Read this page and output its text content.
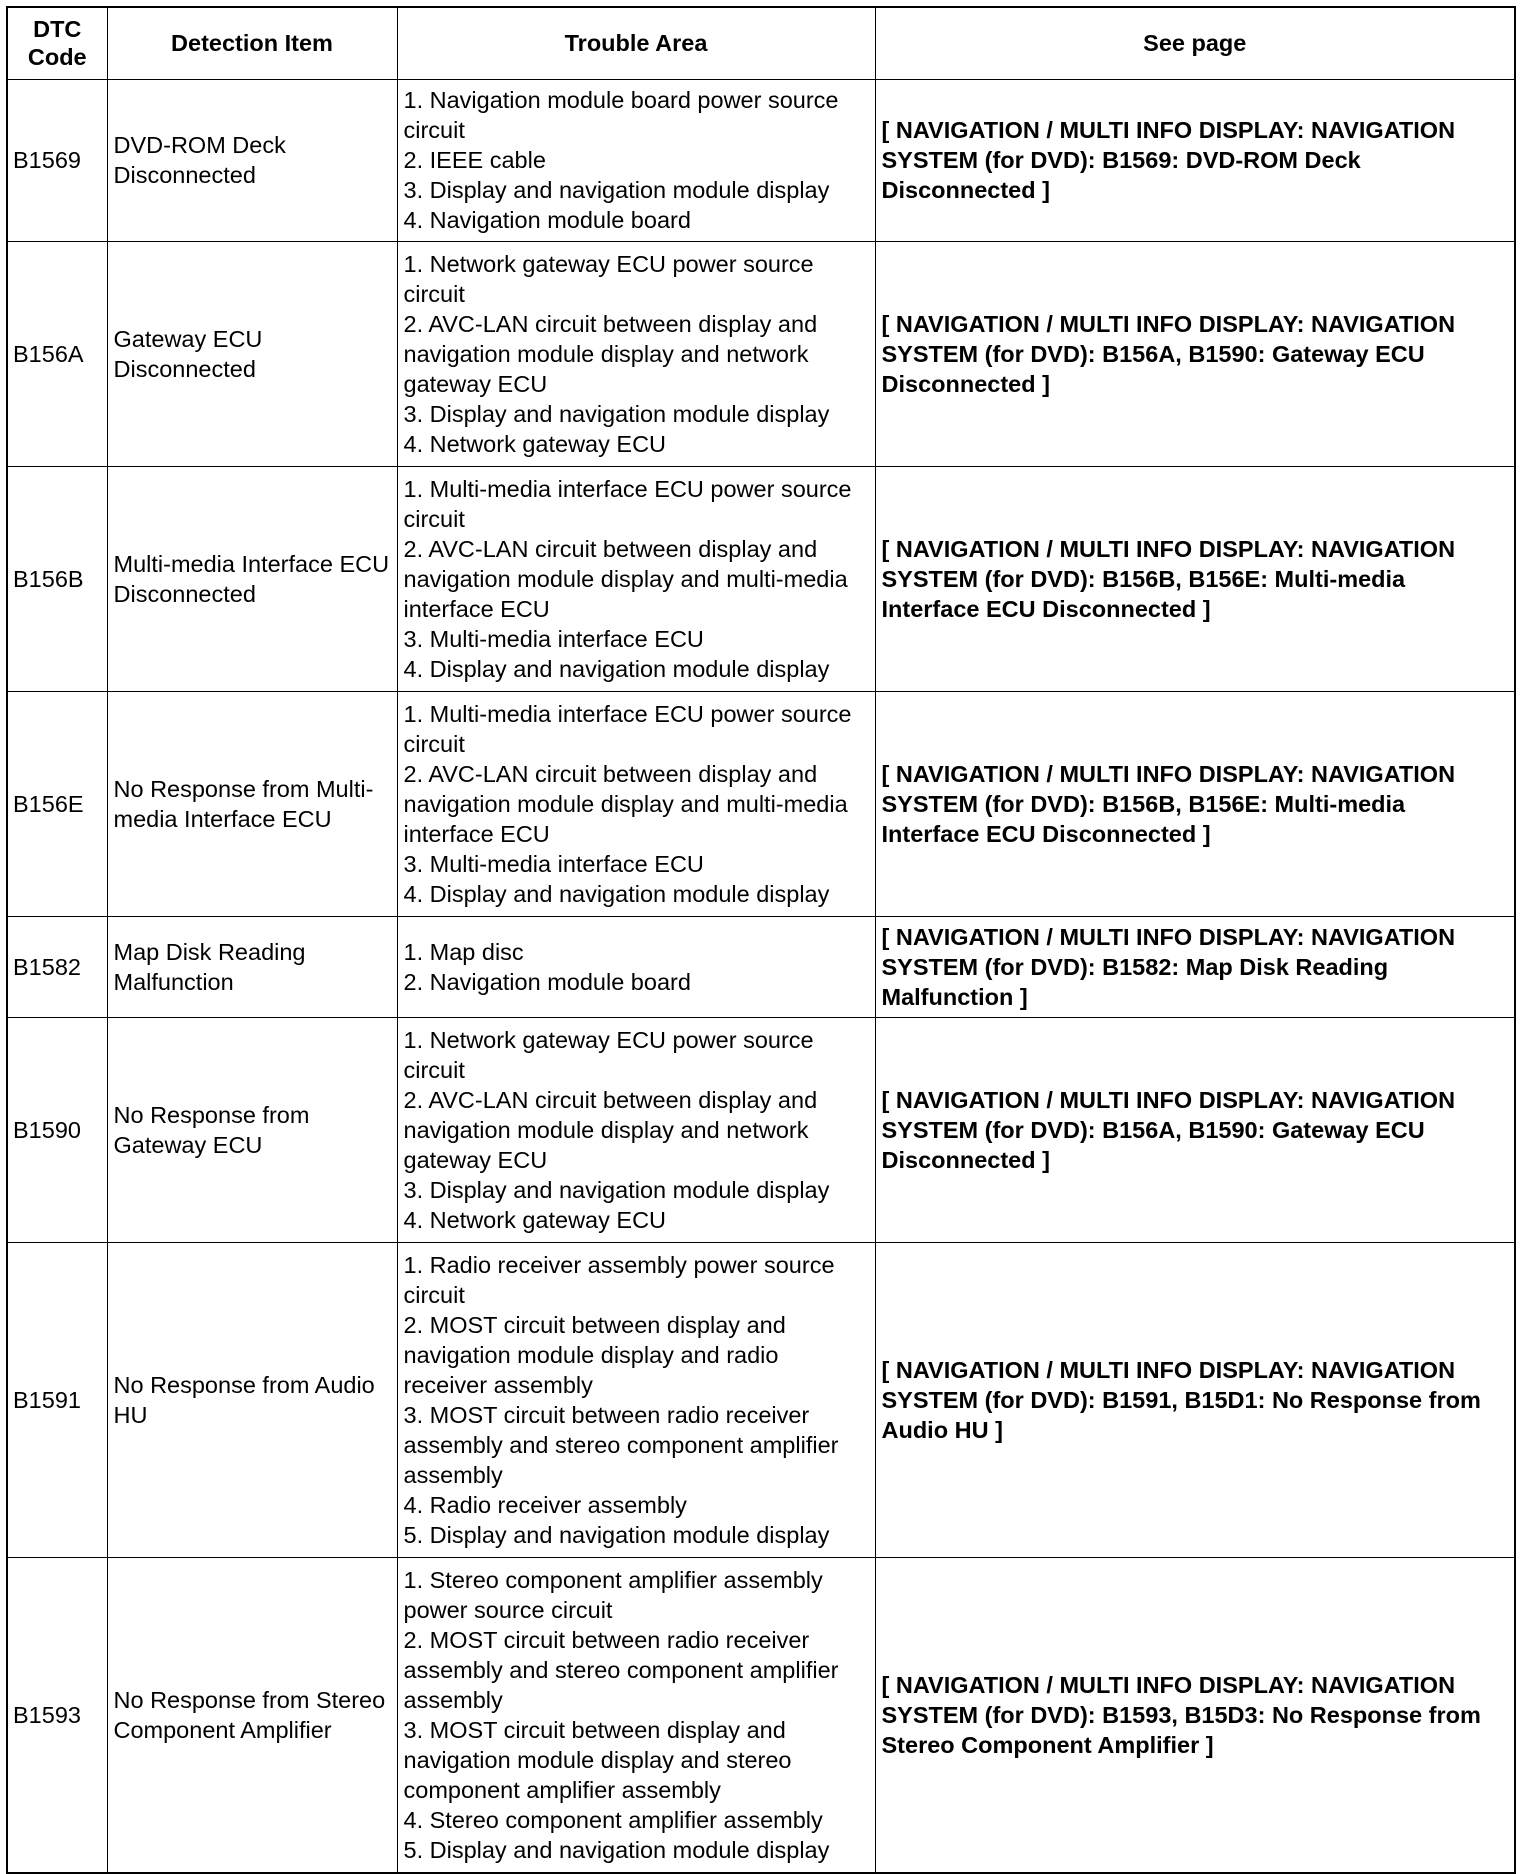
DTC Code	Detection Item	Trouble Area	See page
B1569	DVD-ROM Deck Disconnected	1. Navigation module board power source circuit
2. IEEE cable
3. Display and navigation module display
4. Navigation module board	[ NAVIGATION / MULTI INFO DISPLAY: NAVIGATION SYSTEM (for DVD): B1569: DVD-ROM Deck Disconnected ]
B156A	Gateway ECU Disconnected	1. Network gateway ECU power source circuit
2. AVC-LAN circuit between display and navigation module display and network gateway ECU
3. Display and navigation module display
4. Network gateway ECU	[ NAVIGATION / MULTI INFO DISPLAY: NAVIGATION SYSTEM (for DVD): B156A, B1590: Gateway ECU Disconnected ]
B156B	Multi-media Interface ECU Disconnected	1. Multi-media interface ECU power source circuit
2. AVC-LAN circuit between display and navigation module display and multi-media interface ECU
3. Multi-media interface ECU
4. Display and navigation module display	[ NAVIGATION / MULTI INFO DISPLAY: NAVIGATION SYSTEM (for DVD): B156B, B156E: Multi-media Interface ECU Disconnected ]
B156E	No Response from Multi-media Interface ECU	1. Multi-media interface ECU power source circuit
2. AVC-LAN circuit between display and navigation module display and multi-media interface ECU
3. Multi-media interface ECU
4. Display and navigation module display	[ NAVIGATION / MULTI INFO DISPLAY: NAVIGATION SYSTEM (for DVD): B156B, B156E: Multi-media Interface ECU Disconnected ]
B1582	Map Disk Reading Malfunction	1. Map disc
2. Navigation module board	[ NAVIGATION / MULTI INFO DISPLAY: NAVIGATION SYSTEM (for DVD): B1582: Map Disk Reading Malfunction ]
B1590	No Response from Gateway ECU	1. Network gateway ECU power source circuit
2. AVC-LAN circuit between display and navigation module display and network gateway ECU
3. Display and navigation module display
4. Network gateway ECU	[ NAVIGATION / MULTI INFO DISPLAY: NAVIGATION SYSTEM (for DVD): B156A, B1590: Gateway ECU Disconnected ]
B1591	No Response from Audio HU	1. Radio receiver assembly power source circuit
2. MOST circuit between display and navigation module display and radio receiver assembly
3. MOST circuit between radio receiver assembly and stereo component amplifier assembly
4. Radio receiver assembly
5. Display and navigation module display	[ NAVIGATION / MULTI INFO DISPLAY: NAVIGATION SYSTEM (for DVD): B1591, B15D1: No Response from Audio HU ]
B1593	No Response from Stereo Component Amplifier	1. Stereo component amplifier assembly power source circuit
2. MOST circuit between radio receiver assembly and stereo component amplifier assembly
3. MOST circuit between display and navigation module display and stereo component amplifier assembly
4. Stereo component amplifier assembly
5. Display and navigation module display	[ NAVIGATION / MULTI INFO DISPLAY: NAVIGATION SYSTEM (for DVD): B1593, B15D3: No Response from Stereo Component Amplifier ]
